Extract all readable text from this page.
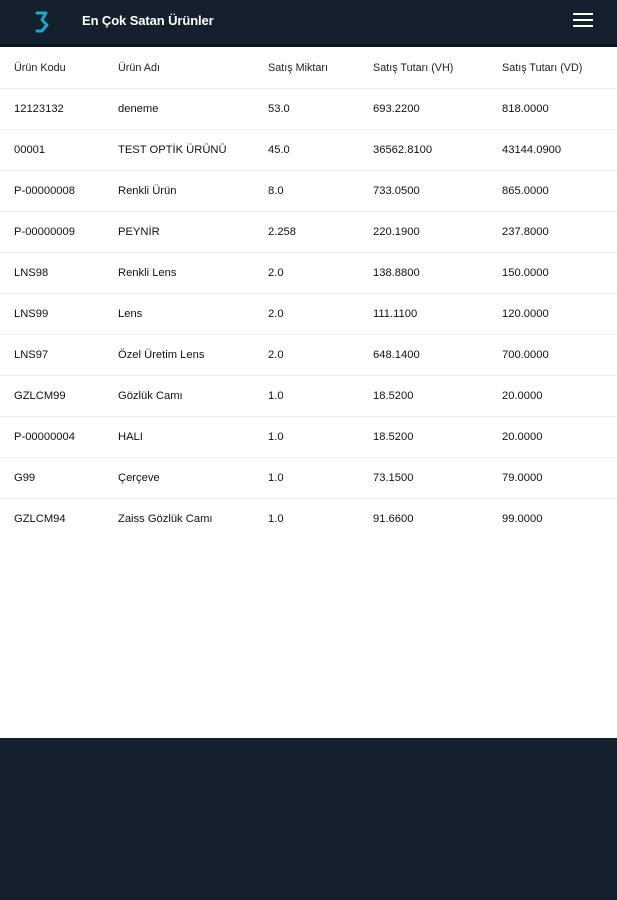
En Çok Satan Ürünler
Ürün Kodu	Ürün Adı	Satış Miktarı	Satış Tutarı (VH)	Satış Tutarı (VD)
12123132	deneme	53.0	693.2200	818.0000
00001	TEST OPTİK ÜRÜNÜ	45.0	36562.8100	43144.0900
P-00000008	Renkli Ürün	8.0	733.0500	865.0000
P-00000009	PEYNİR	2.258	220.1900	237.8000
LNS98	Renkli Lens	2.0	138.8800	150.0000
LNS99	Lens	2.0	111.1100	120.0000
LNS97	Özel Üretim Lens	2.0	648.1400	700.0000
GZLCM99	Gözlük Camı	1.0	18.5200	20.0000
P-00000004	HALI	1.0	18.5200	20.0000
G99	Çerçeve	1.0	73.1500	79.0000
GZLCM94	Zaiss Gözlük Camı	1.0	91.6600	99.0000
